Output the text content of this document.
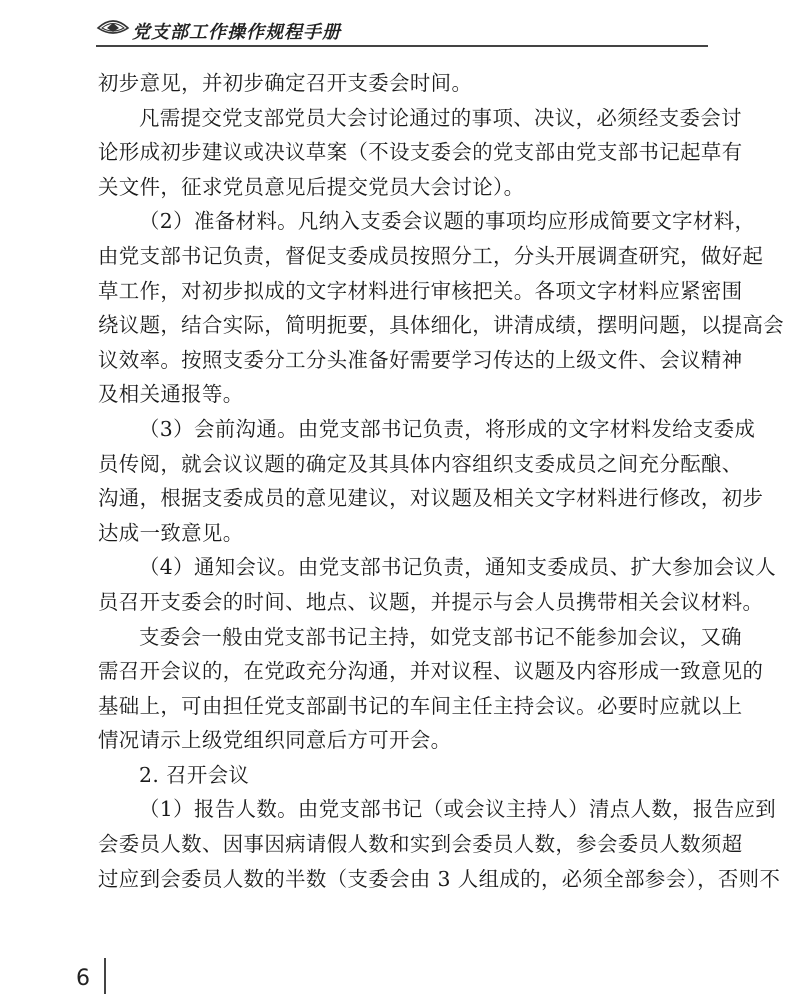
党支部工作操作规程手册
初步意见，并初步确定召开支委会时间。
凡需提交党支部党员大会讨论通过的事项、决议，必须经支委会讨
论形成初步建议或决议草案（不设支委会的党支部由党支部书记起草有
关文件，征求党员意见后提交党员大会讨论）。
（2）准备材料。凡纳入支委会议题的事项均应形成简要文字材料，
由党支部书记负责，督促支委成员按照分工，分头开展调查研究，做好起
草工作，对初步拟成的文字材料进行审核把关。各项文字材料应紧密围
绕议题，结合实际，简明扼要，具体细化，讲清成绩，摆明问题，以提高会
议效率。按照支委分工分头准备好需要学习传达的上级文件、会议精神
及相关通报等。
（3）会前沟通。由党支部书记负责，将形成的文字材料发给支委成
员传阅，就会议议题的确定及其具体内容组织支委成员之间充分酝酿、
沟通，根据支委成员的意见建议，对议题及相关文字材料进行修改，初步
达成一致意见。
（4）通知会议。由党支部书记负责，通知支委成员、扩大参加会议人
员召开支委会的时间、地点、议题，并提示与会人员携带相关会议材料。
支委会一般由党支部书记主持，如党支部书记不能参加会议，又确
需召开会议的，在党政充分沟通，并对议程、议题及内容形成一致意见的
基础上，可由担任党支部副书记的车间主任主持会议。必要时应就以上
情况请示上级党组织同意后方可开会。
2. 召开会议
（1）报告人数。由党支部书记（或会议主持人）清点人数，报告应到
会委员人数、因事因病请假人数和实到会委员人数，参会委员人数须超
过应到会委员人数的半数（支委会由 3 人组成的，必须全部参会），否则不
6
